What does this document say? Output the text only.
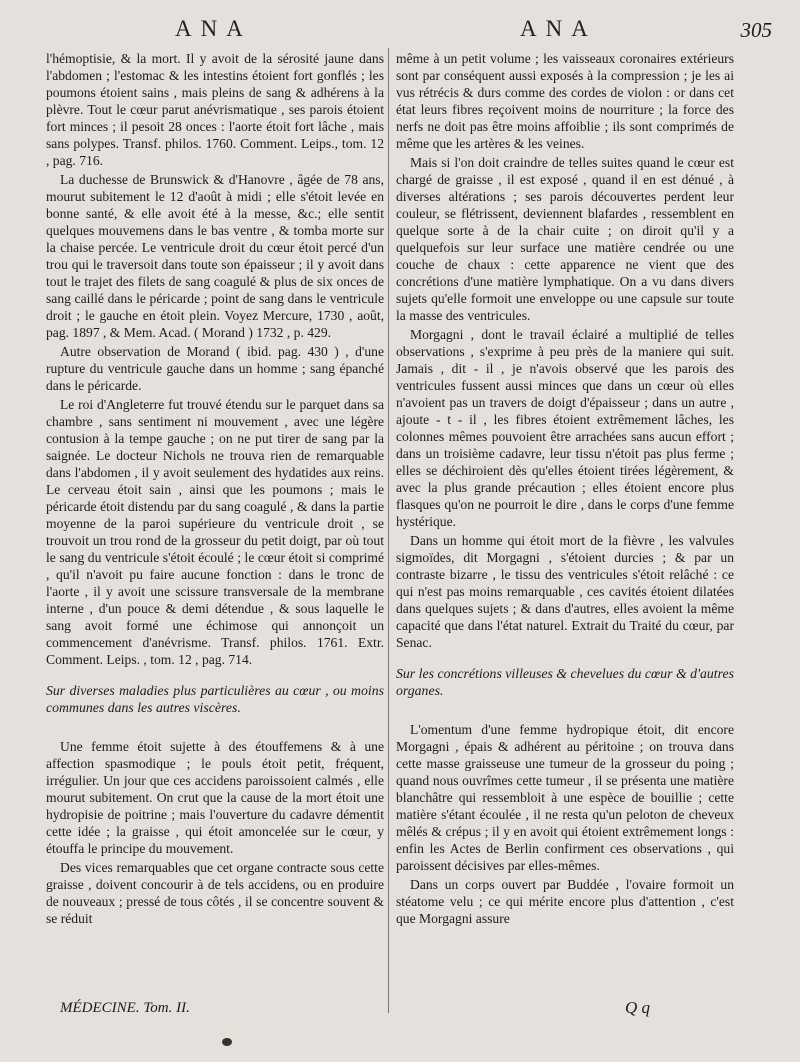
ANA	ANA	305

l'hémoptisie, & la mort. Il y avoit de la sérosité jaune dans l'abdomen ; l'estomac & les intestins étoient fort gonflés ; les poumons étoient sains , mais pleins de sang & adhérens à la plèvre. Tout le cœur parut anévrismatique , ses parois étoient fort minces ; il pesoit 28 onces : l'aorte étoit fort lâche , mais sans polypes. Transf. philos. 1760. Comment. Leips., tom. 12 , pag. 716.

La duchesse de Brunswick & d'Hanovre , âgée de 78 ans, mourut subitement le 12 d'août à midi ; elle s'étoit levée en bonne santé, & elle avoit été à la messe, &c.; elle sentit quelques mouvemens dans le bas ventre , & tomba morte sur la chaise percée. Le ventricule droit du cœur étoit percé d'un trou qui le traversoit dans toute son épaisseur ; il y avoit dans tout le trajet des filets de sang coagulé & plus de six onces de sang caillé dans le péricarde ; point de sang dans le ventricule droit ; le gauche en étoit plein. Voyez Mercure, 1730 , août, pag. 1897 , & Mem. Acad. ( Morand ) 1732 , p. 429.

Autre observation de Morand ( ibid. pag. 430 ) , d'une rupture du ventricule gauche dans un homme ; sang épanché dans le péricarde.

Le roi d'Angleterre fut trouvé étendu sur le parquet dans sa chambre , sans sentiment ni mouvement , avec une légère contusion à la tempe gauche ; on ne put tirer de sang par la saignée. Le docteur Nichols ne trouva rien de remarquable dans l'abdomen , il y avoit seulement des hydatides aux reins. Le cerveau étoit sain , ainsi que les poumons ; mais le péricarde étoit distendu par du sang coagulé , & dans la partie moyenne de la paroi supérieure du ventricule droit , se trouvoit un trou rond de la grosseur du petit doigt, par où tout le sang du ventricule s'étoit écoulé ; le cœur étoit si comprimé , qu'il n'avoit pu faire aucune fonction : dans le tronc de l'aorte , il y avoit une scissure transversale de la membrane interne , d'un pouce & demi détendue , & sous laquelle le sang avoit formé une échimose qui annonçoit un commencement d'anévrisme. Transf. philos. 1761. Extr. Comment. Leips. , tom. 12 , pag. 714.

Sur diverses maladies plus particulières au cœur , ou moins communes dans les autres viscères.

Une femme étoit sujette à des étouffemens & à une affection spasmodique ; le pouls étoit petit, fréquent, irrégulier. Un jour que ces accidens paroissoient calmés , elle mourut subitement. On crut que la cause de la mort étoit une hydropisie de poitrine ; mais l'ouverture du cadavre démentit cette idée ; la graisse , qui étoit amoncelée sur le cœur, y étouffa le principe du mouvement.

Des vices remarquables que cet organe contracte sous cette graisse , doivent concourir à de tels accidens, ou en produire de nouveaux ; pressé de tous côtés , il se concentre souvent & se réduit

même à un petit volume ; les vaisseaux coronaires extérieurs sont par conséquent aussi exposés à la compression ; je les ai vus rétrécis & durs comme des cordes de violon : or dans cet état leurs fibres reçoivent moins de nourriture ; la force des nerfs ne doit pas être moins affoiblie ; ils sont comprimés de même que les artères & les veines.

Mais si l'on doit craindre de telles suites quand le cœur est chargé de graisse , il est exposé , quand il en est dénué , à diverses altérations ; ses parois découvertes perdent leur couleur, se flétrissent, deviennent blafardes , ressemblent en quelque sorte à de la chair cuite ; on diroit qu'il y a quelquefois sur leur surface une matière cendrée ou une couche de chaux : cette apparence ne vient que des concrétions d'une matière lymphatique. On a vu dans divers sujets qu'elle formoit une enveloppe ou une capsule sur toute la masse des ventricules.

Morgagni , dont le travail éclairé a multiplié de telles observations , s'exprime à peu près de la maniere qui suit. Jamais , dit - il , je n'avois observé que les parois des ventricules fussent aussi minces que dans un cœur où elles n'avoient pas un travers de doigt d'épaisseur ; dans un autre , ajoute - t - il , les fibres étoient extrêmement lâches, les colonnes mêmes pouvoient être arrachées sans aucun effort ; dans un troisième cadavre, leur tissu n'étoit pas plus ferme ; elles se déchiroient dès qu'elles étoient tirées légèrement, & avec la plus grande précaution ; elles étoient encore plus flasques qu'on ne pourroit le dire , dans le corps d'une femme hystérique.

Dans un homme qui étoit mort de la fièvre , les valvules sigmoïdes, dit Morgagni , s'étoient durcies ; & par un contraste bizarre , le tissu des ventricules s'étoit relâché : ce qui n'est pas moins remarquable , ces cavités étoient dilatées dans quelques sujets ; & dans d'autres, elles avoient la même capacité que dans l'état naturel. Extrait du Traité du cœur, par Senac.

Sur les concrétions villeuses & chevelues du cœur & d'autres organes.

L'omentum d'une femme hydropique étoit, dit encore Morgagni , épais & adhérent au péritoine ; on trouva dans cette masse graisseuse une tumeur de la grosseur du poing ; quand nous ouvrîmes cette tumeur , il se présenta une matière blanchâtre qui ressembloit à une espèce de bouillie ; cette matière s'étant écoulée , il ne resta qu'un peloton de cheveux mêlés & crépus ; il y en avoit qui étoient extrêmement longs : enfin les Actes de Berlin confirment ces observations , qui paroissent décisives par elles-mêmes.

Dans un corps ouvert par Buddée , l'ovaire formoit un stéatome velu ; ce qui mérite encore plus d'attention , c'est que Morgagni assure

MÉDECINE. Tom. II.	Q q
